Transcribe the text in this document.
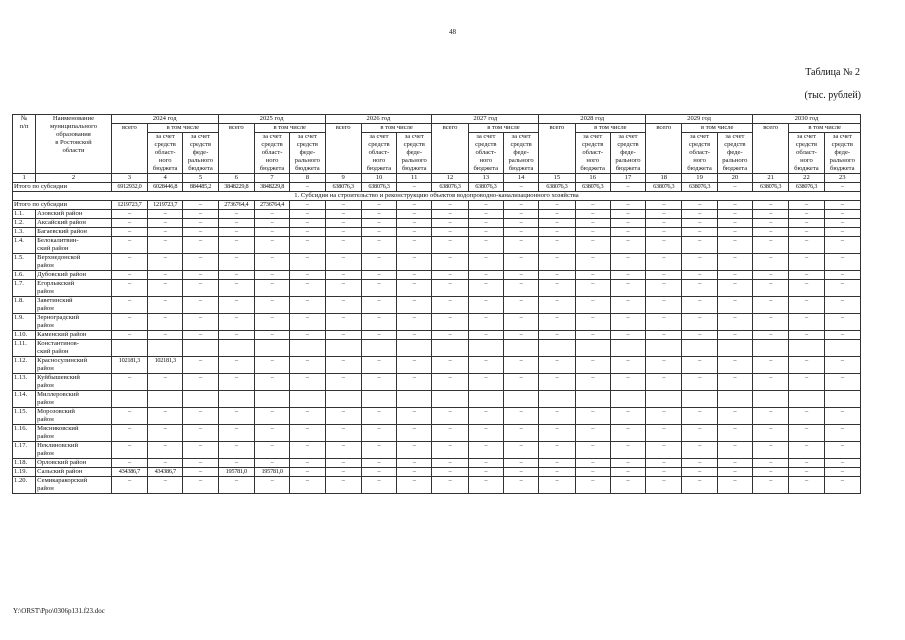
48
Таблица № 2
(тыс. рублей)
№
п/п	Наименование
муниципального
образования
в Ростовской
области	2024 год			2025 год			2026 год			2027 год			2028 год			2029 год			2030 год		
		всего	в том числе		всего	в том числе		всего	в том числе		всего	в том числе		всего	в том числе		всего	в том числе		всего	в том числе	
			за счет
средств
област-
ного
бюджета	за счет
средств
феде-
рального
бюджета		за счет
средств
област-
ного
бюджета	за счет
средств
феде-
рального
бюджета		за счет
средств
област-
ного
бюджета	за счет
средств
феде-
рального
бюджета		за счет
средств
област-
ного
бюджета	за счет
средств
феде-
рального
бюджета		за счет
средств
област-
ного
бюджета	за счет
средств
феде-
рального
бюджета		за счет
средств
област-
ного
бюджета	за счет
средств
феде-
рального
бюджета		за счет
средств
област-
ного
бюджета	за счет
средств
феде-
рального
бюджета
1	2	3	4	5	6	7	8	9	10	11	12	13	14	15	16	17	18	19	20	21	22	23
Итого по субсидии		6912932,0	6028446,8	884485,2	3848229,8	3848229,8	–	638076,3	638076,3	–	638076,3	638076,3	–	638076,3	638076,3	–	638076,3	638076,3	–	638076,3	638076,3	–
1. Субсидия на строительство и реконструкцию объектов водопроводно-канализационного хозяйства																						
Итого по субсидии		1219723,7	1219723,7	–	2736764,4	2736764,4	–	–	–	–	–	–	–	–	–	–	–	–	–	–	–	–
1.1.	Азовский район	–	–	–	–	–	–	–	–	–	–	–	–	–	–	–	–	–	–	–	–	–
1.2.	Аксайский район	–	–	–	–	–	–	–	–	–	–	–	–	–	–	–	–	–	–	–	–	–
1.3.	Багаевский район	–	–	–	–	–	–	–	–	–	–	–	–	–	–	–	–	–	–	–	–	–
1.4.	Белокалитвин-
ский район	–	–	–	–	–	–	–	–	–	–	–	–	–	–	–	–	–	–	–	–	–
1.5.	Верхнедонской
район	–	–	–	–	–	–	–	–	–	–	–	–	–	–	–	–	–	–	–	–	–
1.6.	Дубовский район	–	–	–	–	–	–	–	–	–	–	–	–	–	–	–	–	–	–	–	–	–
1.7.	Егорлыкский
район	–	–	–	–	–	–	–	–	–	–	–	–	–	–	–	–	–	–	–	–	–
1.8.	Заветинский
район	–	–	–	–	–	–	–	–	–	–	–	–	–	–	–	–	–	–	–	–	–
1.9.	Зерноградский
район	–	–	–	–	–	–	–	–	–	–	–	–	–	–	–	–	–	–	–	–	–
1.10.	Каменский район	–	–	–	–	–	–	–	–	–	–	–	–	–	–	–	–	–	–	–	–	–
1.11.	Константинов-
ский район																					
1.12.	Красносулинский
район	102181,3	102181,3	–	–	–	–	–	–	–	–	–	–	–	–	–	–	–	–	–	–	–
1.13.	Куйбышевский
район	–	–	–	–	–	–	–	–	–	–	–	–	–	–	–	–	–	–	–	–	–
1.14.	Миллеровский
район																					
1.15.	Морозовский
район	–	–	–	–	–	–	–	–	–	–	–	–	–	–	–	–	–	–	–	–	–
1.16.	Мясниковский
район	–	–	–	–	–	–	–	–	–	–	–	–	–	–	–	–	–	–	–	–	–
1.17.	Неклиновский
район	–	–	–	–	–	–	–	–	–	–	–	–	–	–	–	–	–	–	–	–	–
1.18.	Орловский район	–	–	–	–	–	–	–	–	–	–	–	–	–	–	–	–	–	–	–	–	–
1.19.	Сальский район	434386,7	434386,7	–	195781,0	195781,0	–	–	–	–	–	–	–	–	–	–	–	–	–	–	–	–
1.20.	Семикаракорский
район	–	–	–	–	–	–	–	–	–	–	–	–	–	–	–	–	–	–	–	–	–
Y:\ORST\Ppo\0306p131.f23.doc
